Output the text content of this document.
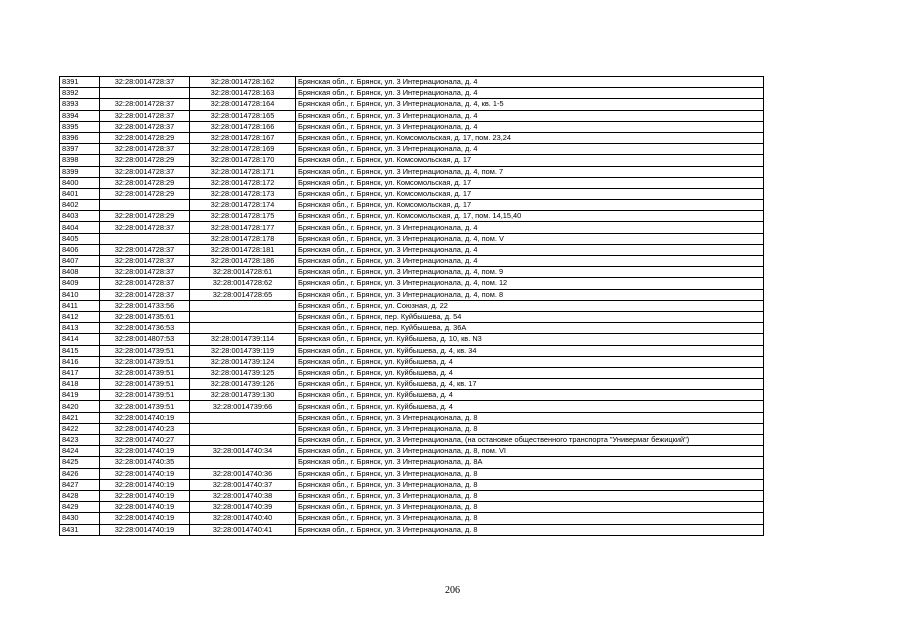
8391	32:28:0014728:37	32:28:0014728:162	Брянская обл., г. Брянск, ул. 3 Интернационала, д. 4
8392		32:28:0014728:163	Брянская обл., г. Брянск, ул. 3 Интернационала, д. 4
8393	32:28:0014728:37	32:28:0014728:164	Брянская обл., г. Брянск, ул. 3 Интернационала, д. 4, кв. 1-5
8394	32:28:0014728:37	32:28:0014728:165	Брянская обл., г. Брянск, ул. 3 Интернационала, д. 4
8395	32:28:0014728:37	32:28:0014728:166	Брянская обл., г. Брянск, ул. 3 Интернационала, д. 4
8396	32:28:0014728:29	32:28:0014728:167	Брянская обл., г. Брянск, ул. Комсомольская, д. 17, пом. 23,24
8397	32:28:0014728:37	32:28:0014728:169	Брянская обл., г. Брянск, ул. 3 Интернационала, д. 4
8398	32:28:0014728:29	32:28:0014728:170	Брянская обл., г. Брянск, ул. Комсомольская, д. 17
8399	32:28:0014728:37	32:28:0014728:171	Брянская обл., г. Брянск, ул. 3 Интернационала, д. 4, пом. 7
8400	32:28:0014728:29	32:28:0014728:172	Брянская обл., г. Брянск, ул. Комсомольская, д. 17
8401	32:28:0014728:29	32:28:0014728:173	Брянская обл., г. Брянск, ул. Комсомольская, д. 17
8402		32:28:0014728:174	Брянская обл., г. Брянск, ул. Комсомольская, д. 17
8403	32:28:0014728:29	32:28:0014728:175	Брянская обл., г. Брянск, ул. Комсомольская, д. 17, пом. 14,15,40
8404	32:28:0014728:37	32:28:0014728:177	Брянская обл., г. Брянск, ул. 3 Интернационала, д. 4
8405		32:28:0014728:178	Брянская обл., г. Брянск, ул. 3 Интернационала, д. 4, пом. V
8406	32:28:0014728:37	32:28:0014728:181	Брянская обл., г. Брянск, ул. 3 Интернационала, д. 4
8407	32:28:0014728:37	32:28:0014728:186	Брянская обл., г. Брянск, ул. 3 Интернационала, д. 4
8408	32:28:0014728:37	32:28:0014728:61	Брянская обл., г. Брянск, ул. 3 Интернационала, д. 4, пом. 9
8409	32:28:0014728:37	32:28:0014728:62	Брянская обл., г. Брянск, ул. 3 Интернационала, д. 4, пом. 12
8410	32:28:0014728:37	32:28:0014728:65	Брянская обл., г. Брянск, ул. 3 Интернационала, д. 4, пом. 8
8411	32:28:0014733:56		Брянская обл., г. Брянск, ул. Союзная, д. 22
8412	32:28:0014735:61		Брянская обл., г. Брянск, пер. Куйбышева, д. 54
8413	32:28:0014736:53		Брянская обл., г. Брянск, пер. Куйбышева, д. 36А
8414	32:28:0014807:53	32:28:0014739:114	Брянская обл., г. Брянск, ул. Куйбышева, д. 10, кв. N3
8415	32:28:0014739:51	32:28:0014739:119	Брянская обл., г. Брянск, ул. Куйбышева, д. 4, кв. 34
8416	32:28:0014739:51	32:28:0014739:124	Брянская обл., г. Брянск, ул. Куйбышева, д. 4
8417	32:28:0014739:51	32:28:0014739:125	Брянская обл., г. Брянск, ул. Куйбышева, д. 4
8418	32:28:0014739:51	32:28:0014739:126	Брянская обл., г. Брянск, ул. Куйбышева, д. 4, кв. 17
8419	32:28:0014739:51	32:28:0014739:130	Брянская обл., г. Брянск, ул. Куйбышева, д. 4
8420	32:28:0014739:51	32:28:0014739:66	Брянская обл., г. Брянск, ул. Куйбышева, д. 4
8421	32:28:0014740:19		Брянская обл., г. Брянск, ул. 3 Интернационала, д. 8
8422	32:28:0014740:23		Брянская обл., г. Брянск, ул. 3 Интернационала, д. 8
8423	32:28:0014740:27		Брянская обл., г. Брянск, ул. 3 Интернационала, (на остановке общественного транспорта "Универмаг бежицкий")
8424	32:28:0014740:19	32:28:0014740:34	Брянская обл., г. Брянск, ул. 3 Интернационала, д. 8, пом. VI
8425	32:28:0014740:35		Брянская обл., г. Брянск, ул. 3 Интернационала, д. 8А
8426	32:28:0014740:19	32:28:0014740:36	Брянская обл., г. Брянск, ул. 3 Интернационала, д. 8
8427	32:28:0014740:19	32:28:0014740:37	Брянская обл., г. Брянск, ул. 3 Интернационала, д. 8
8428	32:28:0014740:19	32:28:0014740:38	Брянская обл., г. Брянск, ул. 3 Интернационала, д. 8
8429	32:28:0014740:19	32:28:0014740:39	Брянская обл., г. Брянск, ул. 3 Интернационала, д. 8
8430	32:28:0014740:19	32:28:0014740:40	Брянская обл., г. Брянск, ул. 3 Интернационала, д. 8
8431	32:28:0014740:19	32:28:0014740:41	Брянская обл., г. Брянск, ул. 3 Интернационала, д. 8
206
